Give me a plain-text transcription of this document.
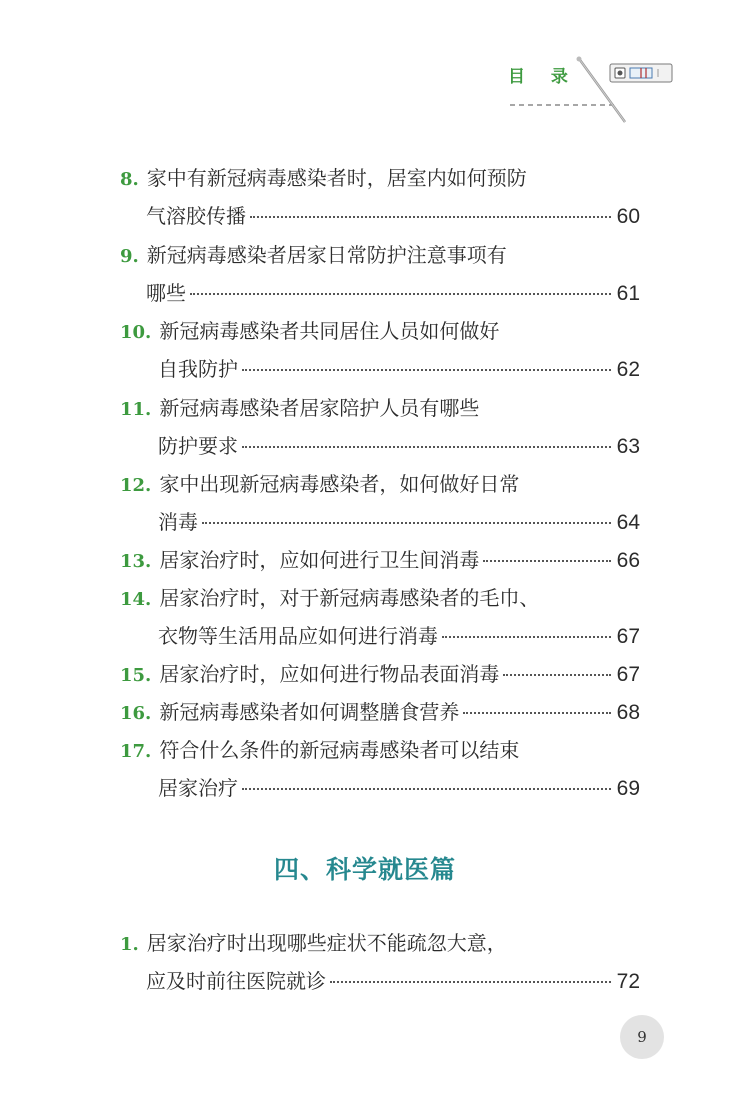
目 录
8. 家中有新冠病毒感染者时，居室内如何预防
气溶胶传播	60
9. 新冠病毒感染者居家日常防护注意事项有
哪些	61
10. 新冠病毒感染者共同居住人员如何做好
自我防护	62
11. 新冠病毒感染者居家陪护人员有哪些
防护要求	63
12. 家中出现新冠病毒感染者，如何做好日常
消毒	64
13. 居家治疗时，应如何进行卫生间消毒	66
14. 居家治疗时，对于新冠病毒感染者的毛巾、
衣物等生活用品应如何进行消毒	67
15. 居家治疗时，应如何进行物品表面消毒	67
16. 新冠病毒感染者如何调整膳食营养	68
17. 符合什么条件的新冠病毒感染者可以结束
居家治疗	69
四、科学就医篇
1. 居家治疗时出现哪些症状不能疏忽大意，
应及时前往医院就诊	72
9
